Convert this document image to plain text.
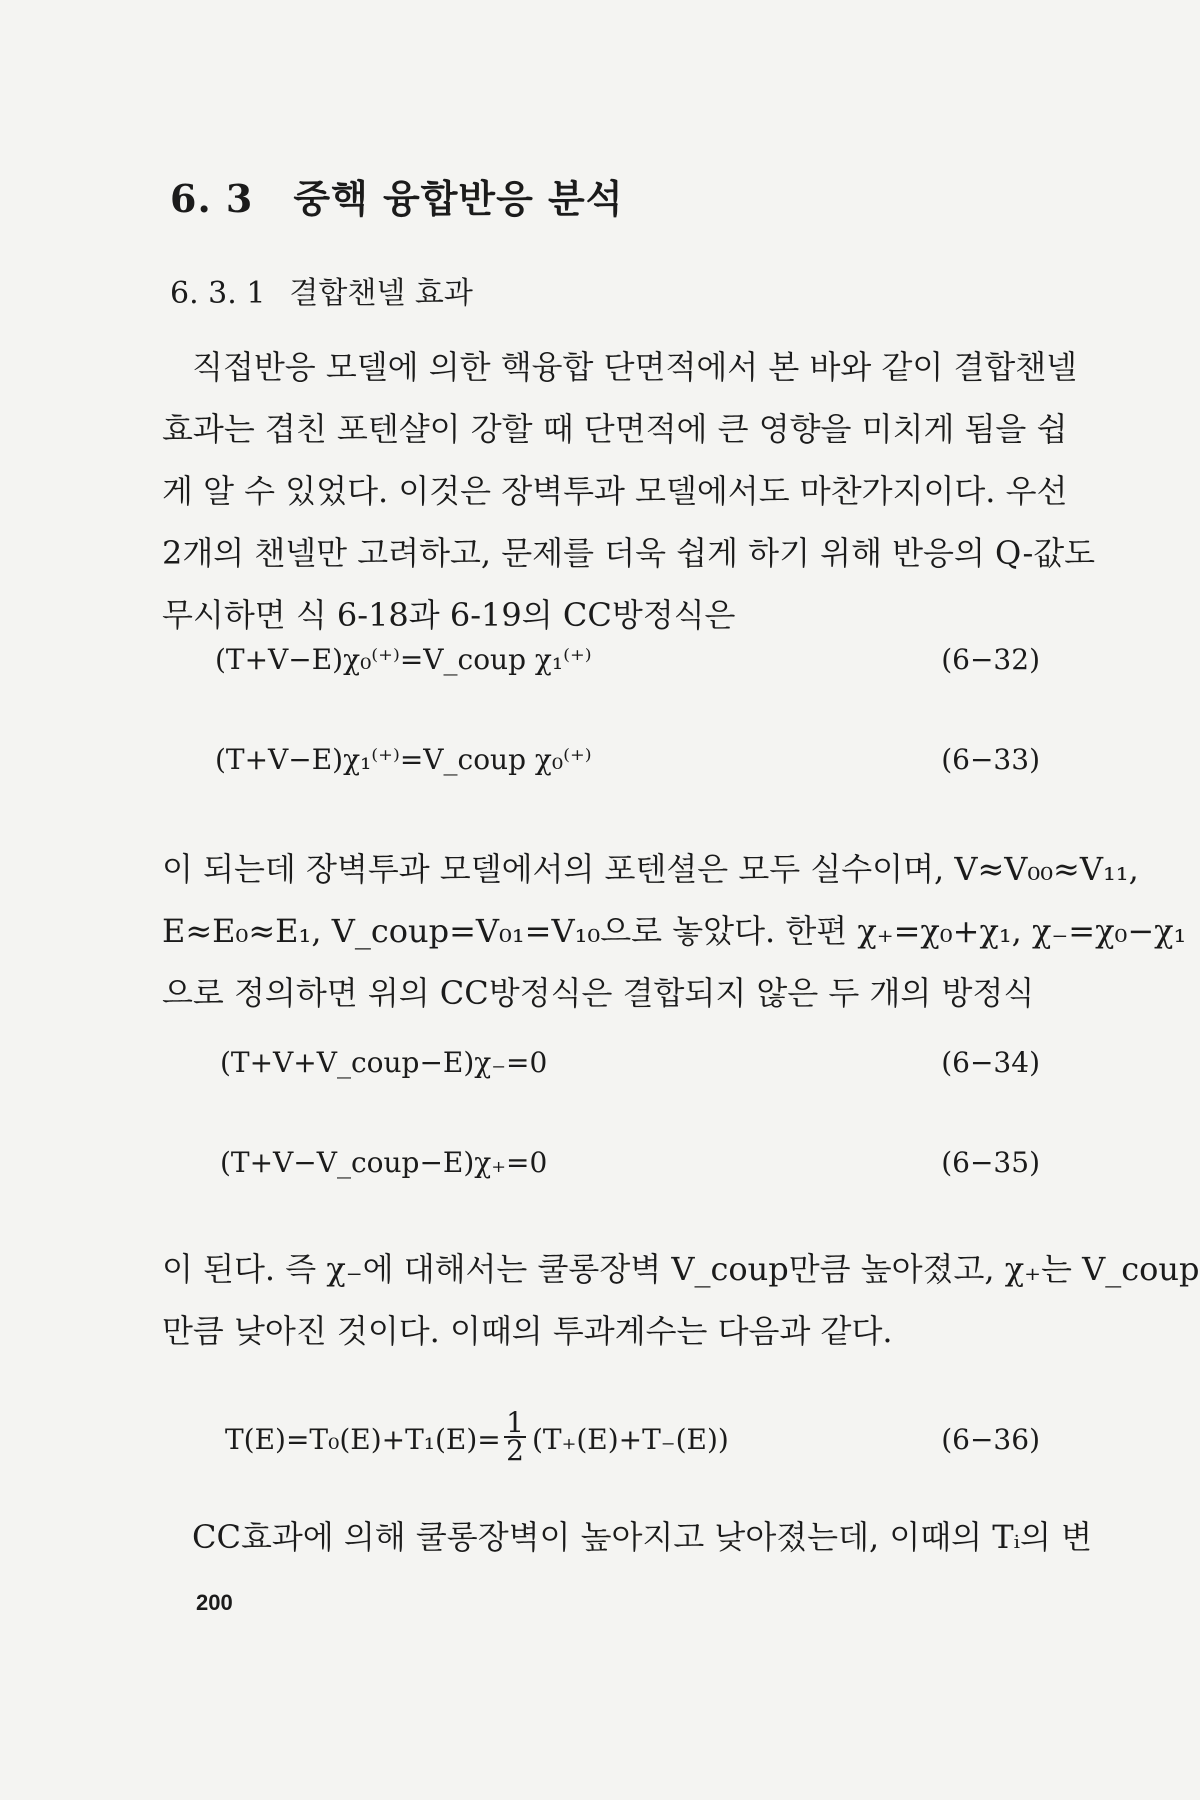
6. 3 중핵 융합반응 분석
6. 3. 1 결합챈넬 효과
직접반응 모델에 의한 핵융합 단면적에서 본 바와 같이 결합챈넬
효과는 겹친 포텐샬이 강할 때 단면적에 큰 영향을 미치게 됨을 쉽
게 알 수 있었다. 이것은 장벽투과 모델에서도 마찬가지이다. 우선
2개의 챈넬만 고려하고, 문제를 더욱 쉽게 하기 위해 반응의 Q-값도
무시하면 식 6-18과 6-19의 CC방정식은
(T+V−E)χ₀⁽⁺⁾=V_coup χ₁⁽⁺⁾	(6−32)
(T+V−E)χ₁⁽⁺⁾=V_coup χ₀⁽⁺⁾	(6−33)
이 되는데 장벽투과 모델에서의 포텐셜은 모두 실수이며, V≈V₀₀≈V₁₁,
E≈E₀≈E₁, V_coup=V₀₁=V₁₀으로 놓았다. 한편 χ₊=χ₀+χ₁, χ₋=χ₀−χ₁
으로 정의하면 위의 CC방정식은 결합되지 않은 두 개의 방정식
(T+V+V_coup−E)χ₋=0	(6−34)
(T+V−V_coup−E)χ₊=0	(6−35)
이 된다. 즉 χ₋에 대해서는 쿨롱장벽 V_coup만큼 높아졌고, χ₊는 V_coup
만큼 낮아진 것이다. 이때의 투과계수는 다음과 같다.
T(E)=T₀(E)+T₁(E)=
1
2 (T₊(E)+T₋(E))	(6−36)
CC효과에 의해 쿨롱장벽이 높아지고 낮아졌는데, 이때의 Tᵢ의 변
200
